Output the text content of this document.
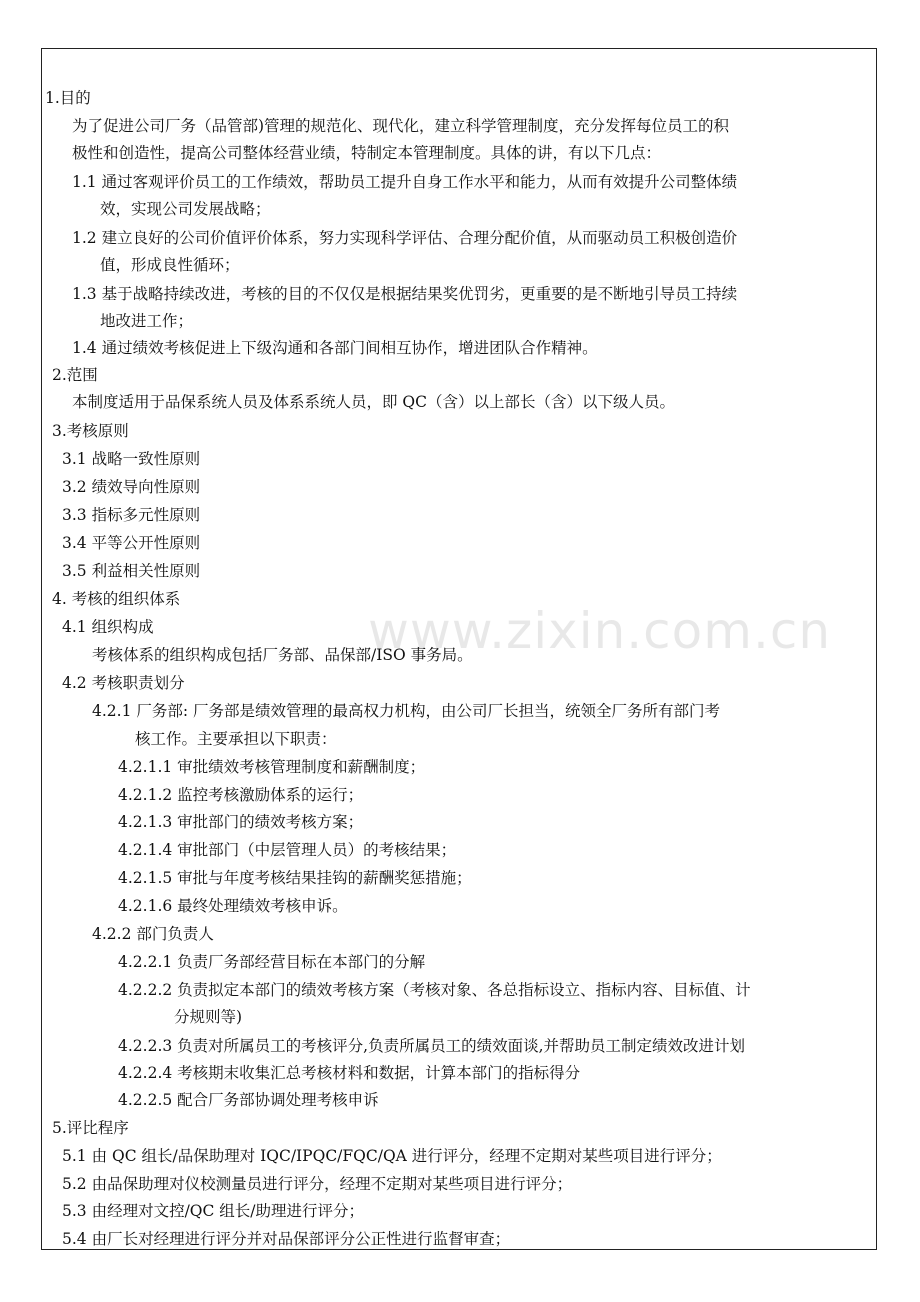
www.zixin.com.cn
1.目的
为了促进公司厂务（品管部)管理的规范化、现代化，建立科学管理制度，充分发挥每位员工的积
极性和创造性，提高公司整体经营业绩，特制定本管理制度。具体的讲，有以下几点：
1.1 通过客观评价员工的工作绩效，帮助员工提升自身工作水平和能力，从而有效提升公司整体绩
效，实现公司发展战略；
1.2 建立良好的公司价值评价体系，努力实现科学评估、合理分配价值，从而驱动员工积极创造价
值，形成良性循环；
1.3 基于战略持续改进，考核的目的不仅仅是根据结果奖优罚劣，更重要的是不断地引导员工持续
地改进工作；
1.4 通过绩效考核促进上下级沟通和各部门间相互协作，增进团队合作精神。
2.范围
本制度适用于品保系统人员及体系系统人员，即 QC（含）以上部长（含）以下级人员。
3.考核原则
3.1 战略一致性原则
3.2 绩效导向性原则
3.3 指标多元性原则
3.4 平等公开性原则
3.5 利益相关性原则
4. 考核的组织体系
4.1 组织构成
考核体系的组织构成包括厂务部、品保部/ISO 事务局。
4.2 考核职责划分
4.2.1 厂务部: 厂务部是绩效管理的最高权力机构，由公司厂长担当，统领全厂务所有部门考
核工作。主要承担以下职责：
4.2.1.1 审批绩效考核管理制度和薪酬制度；
4.2.1.2 监控考核激励体系的运行；
4.2.1.3 审批部门的绩效考核方案；
4.2.1.4 审批部门（中层管理人员）的考核结果；
4.2.1.5 审批与年度考核结果挂钩的薪酬奖惩措施；
4.2.1.6 最终处理绩效考核申诉。
4.2.2 部门负责人
4.2.2.1 负责厂务部经营目标在本部门的分解
4.2.2.2 负责拟定本部门的绩效考核方案（考核对象、各总指标设立、指标内容、目标值、计
分规则等)
4.2.2.3 负责对所属员工的考核评分,负责所属员工的绩效面谈,并帮助员工制定绩效改进计划
4.2.2.4 考核期末收集汇总考核材料和数据，计算本部门的指标得分
4.2.2.5 配合厂务部协调处理考核申诉
5.评比程序
5.1 由 QC 组长/品保助理对 IQC/IPQC/FQC/QA 进行评分，经理不定期对某些项目进行评分；
5.2 由品保助理对仪校测量员进行评分，经理不定期对某些项目进行评分；
5.3 由经理对文控/QC 组长/助理进行评分；
5.4 由厂长对经理进行评分并对品保部评分公正性进行监督审查；
